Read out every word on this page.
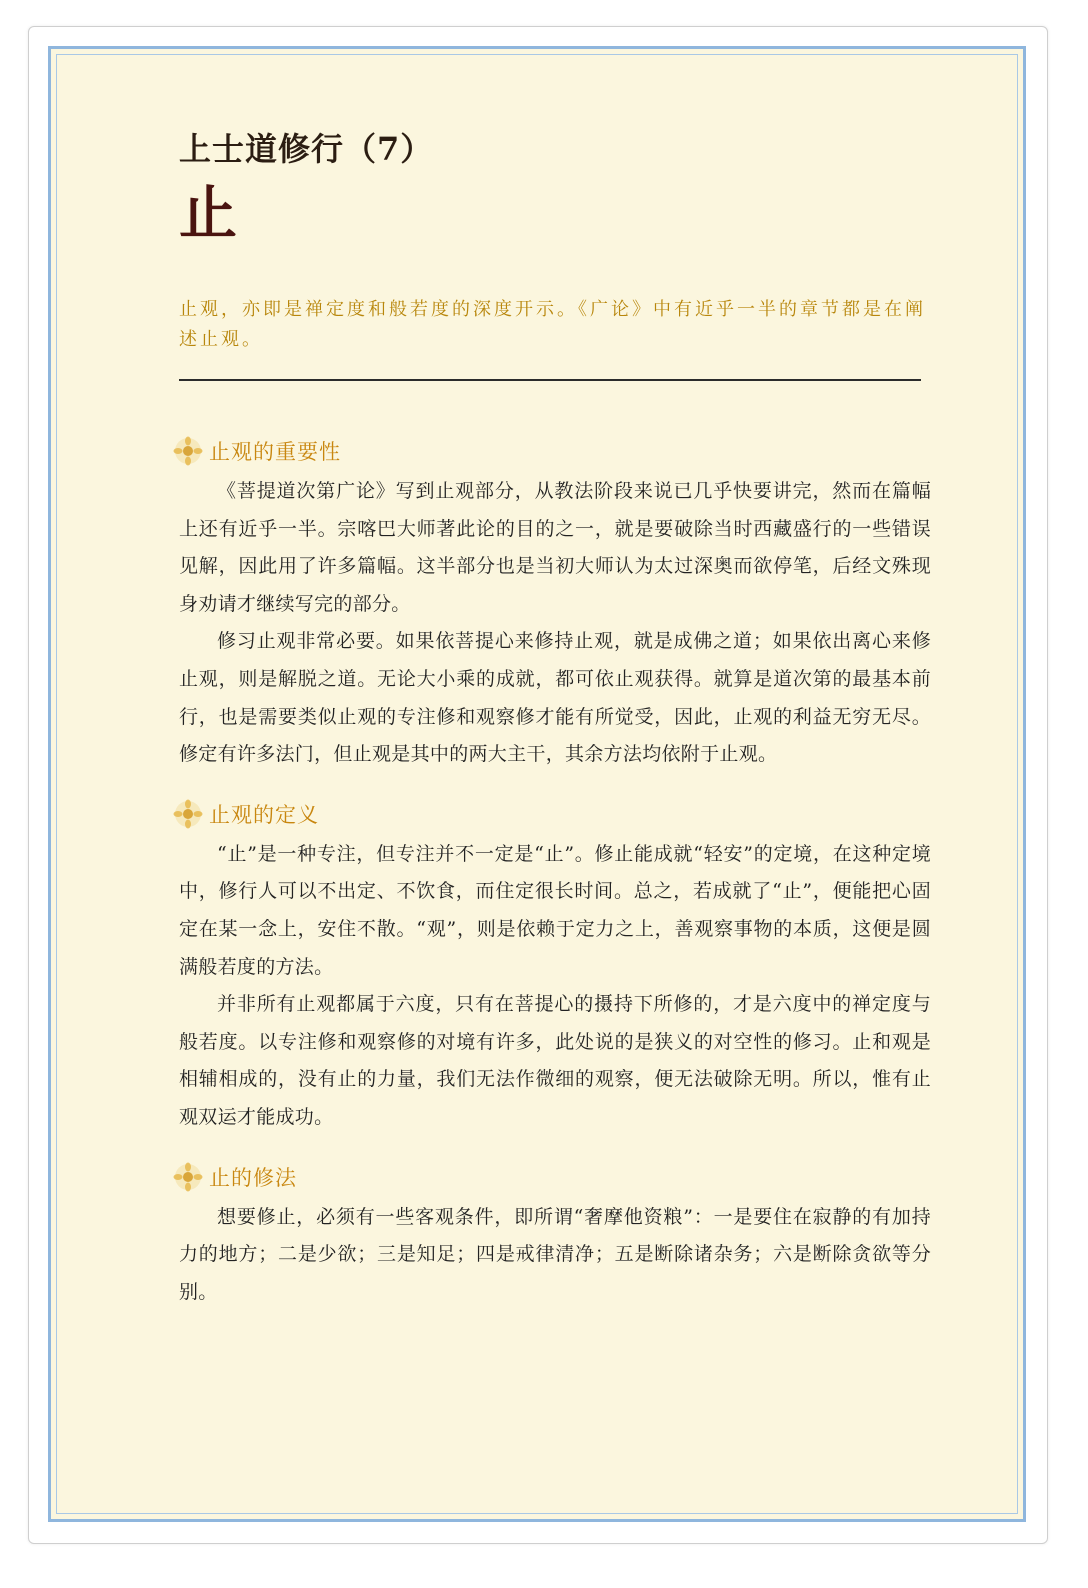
上士道修行（7）
止
止观，亦即是禅定度和般若度的深度开示。《广论》中有近乎一半的章节都是在阐述止观。
止观的重要性

《菩提道次第广论》写到止观部分，从教法阶段来说已几乎快要讲完，然而在篇幅上还有近乎一半。宗喀巴大师著此论的目的之一，就是要破除当时西藏盛行的一些错误见解，因此用了许多篇幅。这半部分也是当初大师认为太过深奥而欲停笔，后经文殊现身劝请才继续写完的部分。

修习止观非常必要。如果依菩提心来修持止观，就是成佛之道；如果依出离心来修止观，则是解脱之道。无论大小乘的成就，都可依止观获得。就算是道次第的最基本前行，也是需要类似止观的专注修和观察修才能有所觉受，因此，止观的利益无穷无尽。修定有许多法门，但止观是其中的两大主干，其余方法均依附于止观。

止观的定义

“止”是一种专注，但专注并不一定是“止”。修止能成就“轻安”的定境，在这种定境中，修行人可以不出定、不饮食，而住定很长时间。总之，若成就了“止”，便能把心固定在某一念上，安住不散。“观”，则是依赖于定力之上，善观察事物的本质，这便是圆满般若度的方法。

并非所有止观都属于六度，只有在菩提心的摄持下所修的，才是六度中的禅定度与般若度。以专注修和观察修的对境有许多，此处说的是狭义的对空性的修习。止和观是相辅相成的，没有止的力量，我们无法作微细的观察，便无法破除无明。所以，惟有止观双运才能成功。

止的修法

想要修止，必须有一些客观条件，即所谓“奢摩他资粮”：一是要住在寂静的有加持力的地方；二是少欲；三是知足；四是戒律清净；五是断除诸杂务；六是断除贪欲等分别。
